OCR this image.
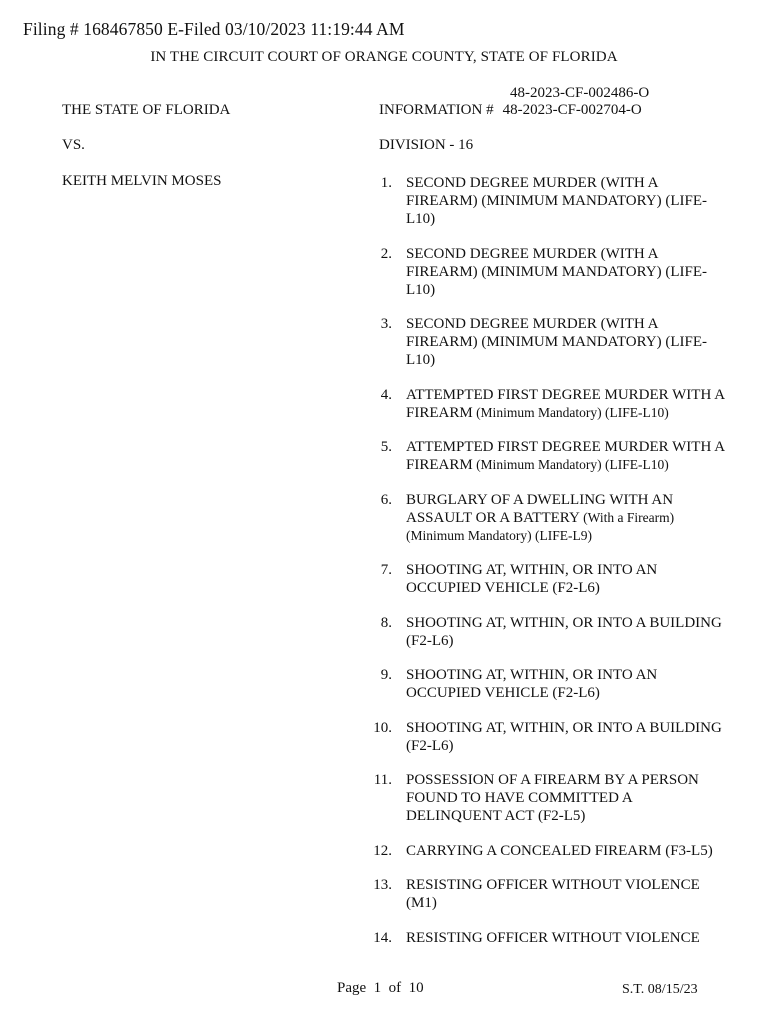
Filing # 168467850 E-Filed 03/10/2023 11:19:44 AM
IN THE CIRCUIT COURT OF ORANGE COUNTY, STATE OF FLORIDA
48-2023-CF-002486-O
THE STATE OF FLORIDA	INFORMATION # 48-2023-CF-002704-O
VS.	DIVISION - 16
KEITH MELVIN MOSES	1. SECOND DEGREE MURDER (WITH A FIREARM) (MINIMUM MANDATORY) (LIFE-L10)
2. SECOND DEGREE MURDER (WITH A FIREARM) (MINIMUM MANDATORY) (LIFE-L10)
3. SECOND DEGREE MURDER (WITH A FIREARM) (MINIMUM MANDATORY) (LIFE-L10)
4. ATTEMPTED FIRST DEGREE MURDER WITH A FIREARM (Minimum Mandatory) (LIFE-L10)
5. ATTEMPTED FIRST DEGREE MURDER WITH A FIREARM (Minimum Mandatory) (LIFE-L10)
6. BURGLARY OF A DWELLING WITH AN ASSAULT OR A BATTERY (With a Firearm) (Minimum Mandatory) (LIFE-L9)
7. SHOOTING AT, WITHIN, OR INTO AN OCCUPIED VEHICLE (F2-L6)
8. SHOOTING AT, WITHIN, OR INTO A BUILDING (F2-L6)
9. SHOOTING AT, WITHIN, OR INTO AN OCCUPIED VEHICLE (F2-L6)
10. SHOOTING AT, WITHIN, OR INTO A BUILDING (F2-L6)
11. POSSESSION OF A FIREARM BY A PERSON FOUND TO HAVE COMMITTED A DELINQUENT ACT (F2-L5)
12. CARRYING A CONCEALED FIREARM (F3-L5)
13. RESISTING OFFICER WITHOUT VIOLENCE (M1)
14. RESISTING OFFICER WITHOUT VIOLENCE
Page 1 of 10	S.T. 08/15/23
